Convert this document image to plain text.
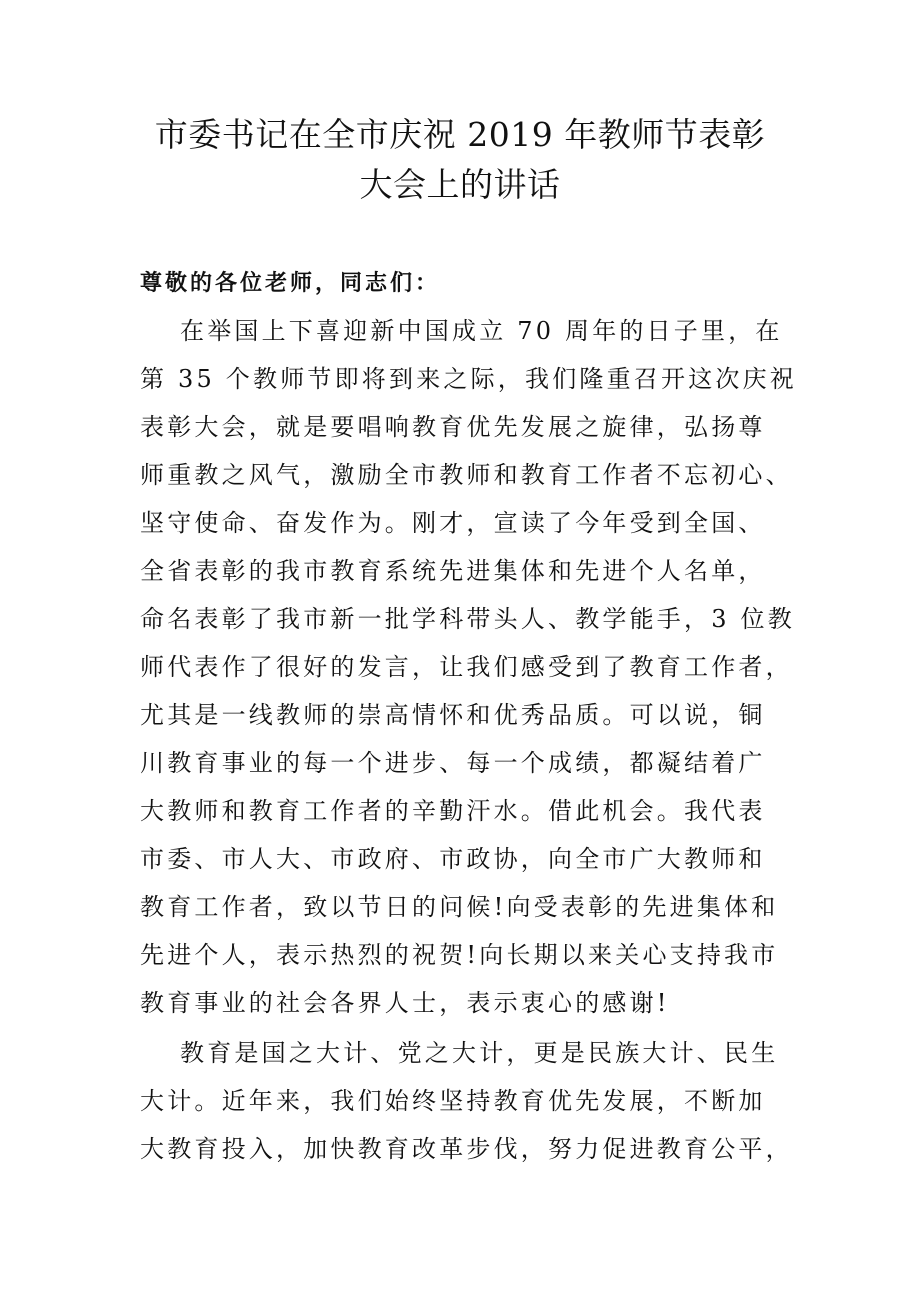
市委书记在全市庆祝 2019 年教师节表彰
大会上的讲话
尊敬的各位老师，同志们：
在举国上下喜迎新中国成立 70 周年的日子里，在
第 35 个教师节即将到来之际，我们隆重召开这次庆祝
表彰大会，就是要唱响教育优先发展之旋律，弘扬尊
师重教之风气，激励全市教师和教育工作者不忘初心、
坚守使命、奋发作为。刚才，宣读了今年受到全国、
全省表彰的我市教育系统先进集体和先进个人名单，
命名表彰了我市新一批学科带头人、教学能手，3 位教
师代表作了很好的发言，让我们感受到了教育工作者，
尤其是一线教师的崇高情怀和优秀品质。可以说，铜
川教育事业的每一个进步、每一个成绩，都凝结着广
大教师和教育工作者的辛勤汗水。借此机会。我代表
市委、市人大、市政府、市政协，向全市广大教师和
教育工作者，致以节日的问候!向受表彰的先进集体和
先进个人，表示热烈的祝贺!向长期以来关心支持我市
教育事业的社会各界人士，表示衷心的感谢!
教育是国之大计、党之大计，更是民族大计、民生
大计。近年来，我们始终坚持教育优先发展，不断加
大教育投入，加快教育改革步伐，努力促进教育公平，
